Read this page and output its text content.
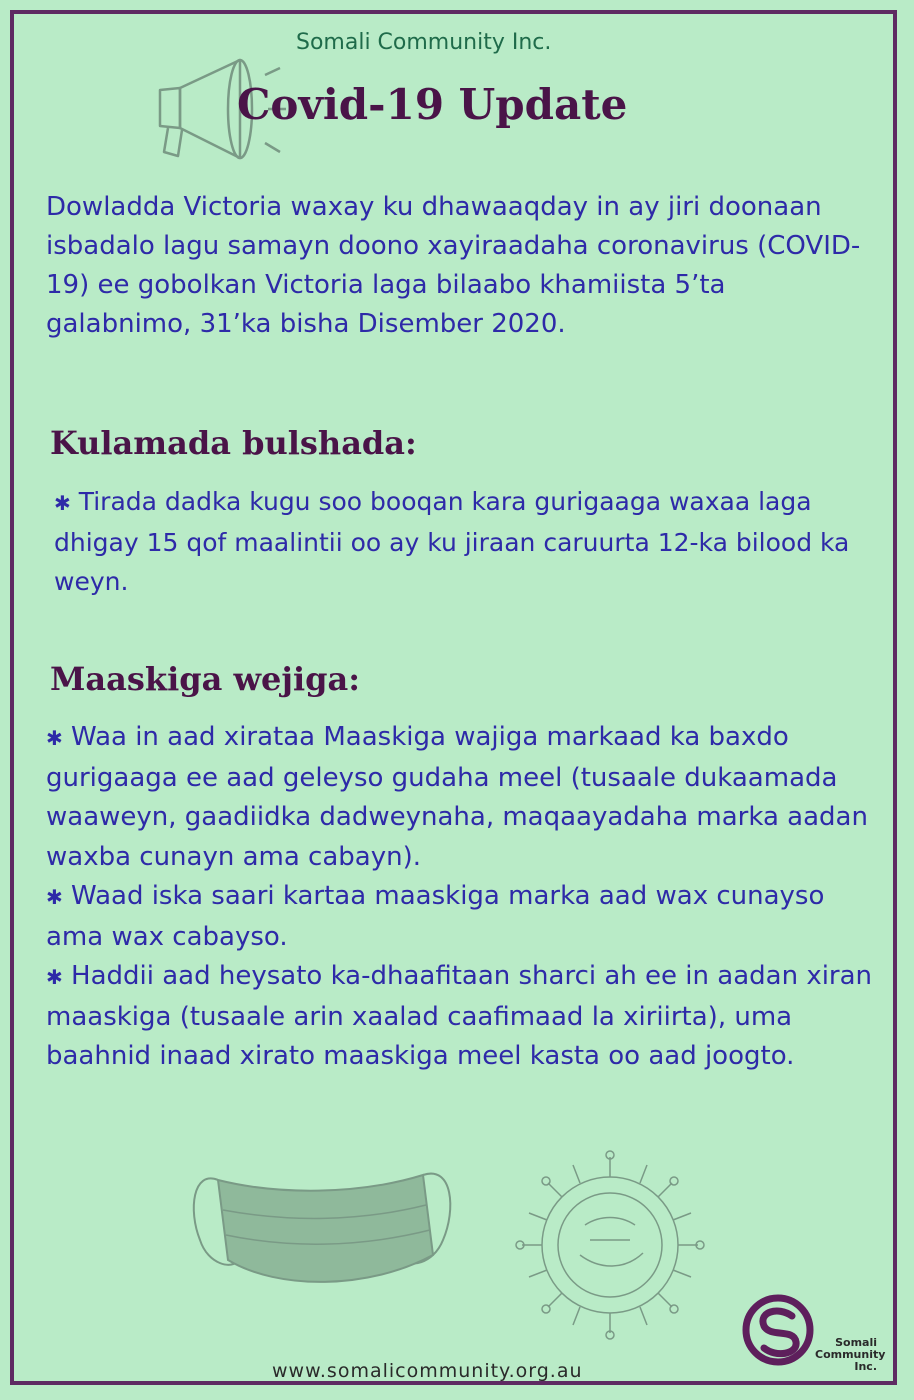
Somali Community Inc.
Covid-19 Update

Dowladda Victoria waxay ku dhawaaqday in ay jiri doonaan isbadalo lagu samayn doono xayiraadaha coronavirus (COVID-19) ee gobolkan Victoria laga bilaabo khamiista 5’ta galabnimo, 31’ka bisha Disember 2020.

Kulamada bulshada:
✱ Tirada dadka kugu soo booqan kara gurigaaga waxaa laga dhigay 15 qof maalintii oo ay ku jiraan caruurta 12-ka bilood ka weyn.
Maaskiga wejiga:
✱ Waa in aad xirataa Maaskiga wajiga markaad ka baxdo gurigaaga ee aad geleyso gudaha meel (tusaale dukaamada waaweyn, gaadiidka dadweynaha, maqaayadaha marka aadan waxba cunayn ama cabayn).
✱ Waad iska saari kartaa maaskiga marka aad wax cunayso ama wax cabayso.
✱ Haddii aad heysato ka-dhaafitaan sharci ah ee in aadan xiran maaskiga (tusaale arin xaalad caafimaad la xiriirta), uma baahnid inaad xirato maaskiga meel kasta oo aad joogto.
www.somalicommunity.org.au
Somali
Community
Inc.
